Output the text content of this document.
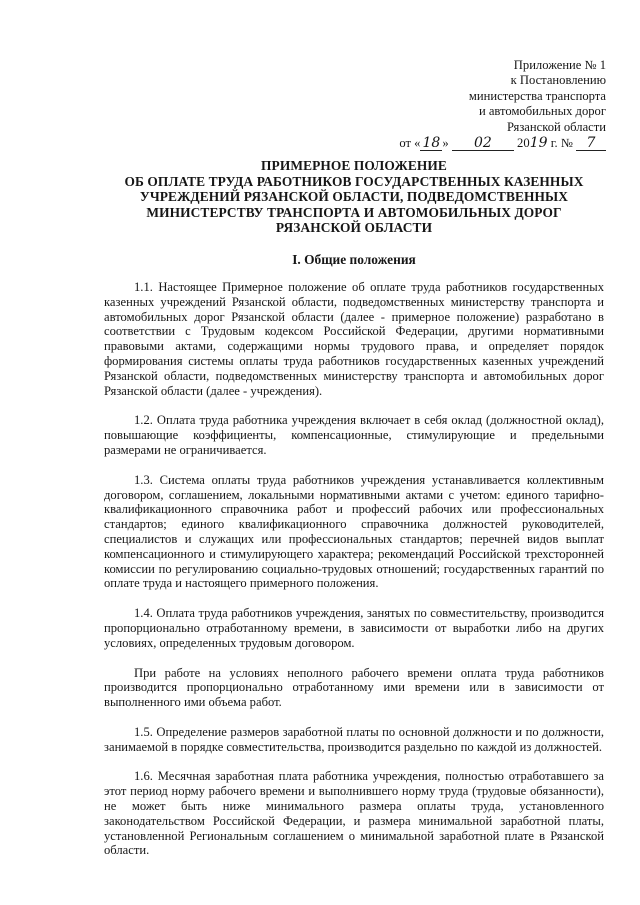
Приложение № 1
к Постановлению
министерства транспорта
и автомобильных дорог
Рязанской области
от « 18 » 02 2019 г. № 7
ПРИМЕРНОЕ ПОЛОЖЕНИЕ
ОБ ОПЛАТЕ ТРУДА РАБОТНИКОВ ГОСУДАРСТВЕННЫХ КАЗЕННЫХ
УЧРЕЖДЕНИЙ РЯЗАНСКОЙ ОБЛАСТИ, ПОДВЕДОМСТВЕННЫХ
МИНИСТЕРСТВУ ТРАНСПОРТА И АВТОМОБИЛЬНЫХ ДОРОГ
РЯЗАНСКОЙ ОБЛАСТИ
I. Общие положения

1.1. Настоящее Примерное положение об оплате труда работников государственных казенных учреждений Рязанской области, подведомственных министерству транспорта и автомобильных дорог Рязанской области (далее - примерное положение) разработано в соответствии с Трудовым кодексом Российской Федерации, другими нормативными правовыми актами, содержащими нормы трудового права, и определяет порядок формирования системы оплаты труда работников государственных казенных учреждений Рязанской области, подведомственных министерству транспорта и автомобильных дорог Рязанской области (далее - учреждения).

1.2. Оплата труда работника учреждения включает в себя оклад (должностной оклад), повышающие коэффициенты, компенсационные, стимулирующие и предельными размерами не ограничивается.

1.3. Система оплаты труда работников учреждения устанавливается коллективным договором, соглашением, локальными нормативными актами с учетом: единого тарифно-квалификационного справочника работ и профессий рабочих или профессиональных стандартов; единого квалификационного справочника должностей руководителей, специалистов и служащих или профессиональных стандартов; перечней видов выплат компенсационного и стимулирующего характера; рекомендаций Российской трехсторонней комиссии по регулированию социально-трудовых отношений; государственных гарантий по оплате труда и настоящего примерного положения.

1.4. Оплата труда работников учреждения, занятых по совместительству, производится пропорционально отработанному времени, в зависимости от выработки либо на других условиях, определенных трудовым договором.

При работе на условиях неполного рабочего времени оплата труда работников производится пропорционально отработанному ими времени или в зависимости от выполненного ими объема работ.

1.5. Определение размеров заработной платы по основной должности и по должности, занимаемой в порядке совместительства, производится раздельно по каждой из должностей.

1.6. Месячная заработная плата работника учреждения, полностью отработавшего за этот период норму рабочего времени и выполнившего норму труда (трудовые обязанности), не может быть ниже минимального размера оплаты труда, установленного законодательством Российской Федерации, и размера минимальной заработной платы, установленной Региональным соглашением о минимальной заработной плате в Рязанской области.
